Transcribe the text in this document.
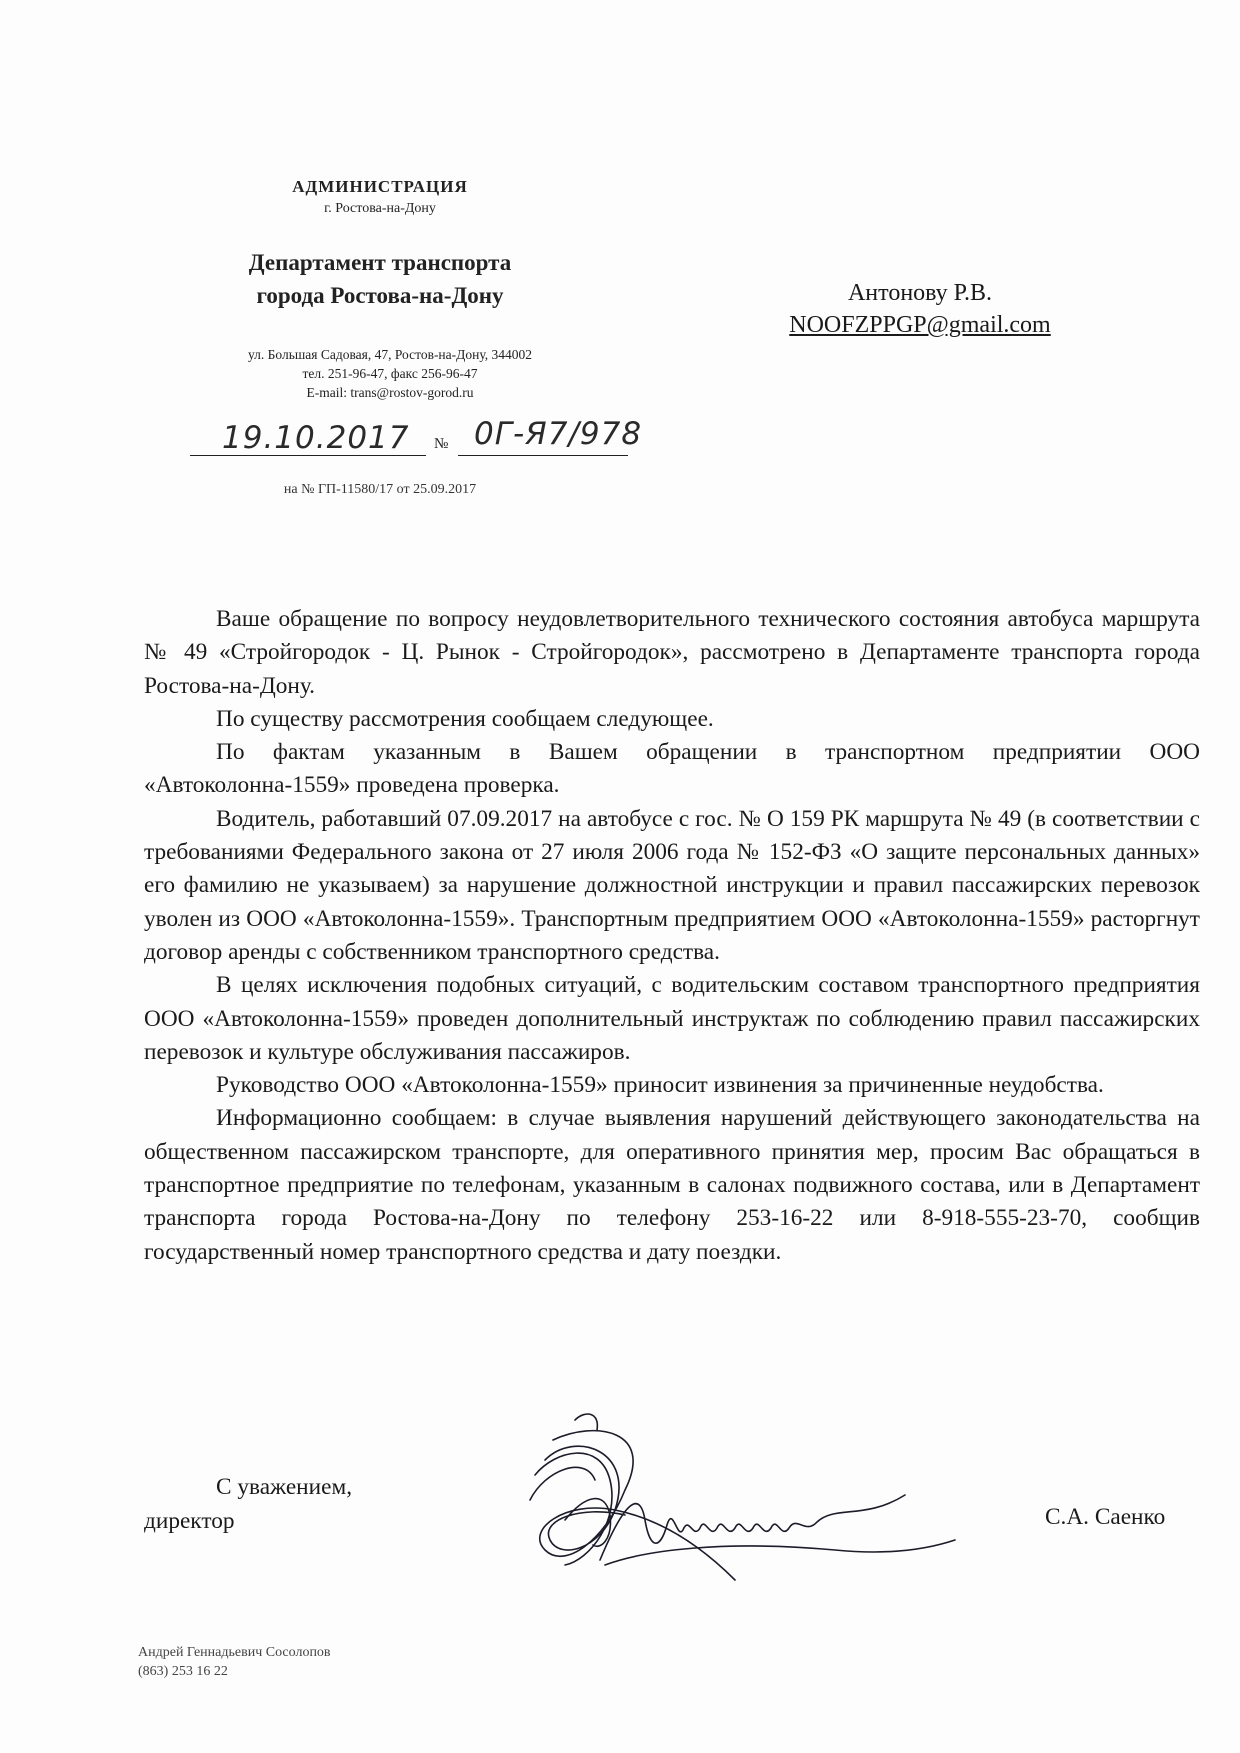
АДМИНИСТРАЦИЯ
г. Ростова-на-Дону
Департамент транспорта
города Ростова-на-Дону
ул. Большая Садовая, 47, Ростов-на-Дону, 344002
тел. 251-96-47, факс 256-96-47
E-mail: trans@rostov-gorod.ru
19.10.2017 № 0Г-Я7/978
на № ГП-11580/17 от 25.09.2017
Антонову Р.В.
NOOFZPPGP@gmail.com

Ваше обращение по вопросу неудовлетворительного технического состояния автобуса маршрута № 49 «Стройгородок - Ц. Рынок - Стройгородок», рассмотрено в Департаменте транспорта города Ростова-на-Дону.

По существу рассмотрения сообщаем следующее.

По фактам указанным в Вашем обращении в транспортном предприятии ООО «Автоколонна-1559» проведена проверка.

Водитель, работавший 07.09.2017 на автобусе с гос. № О 159 РК маршрута № 49 (в соответствии с требованиями Федерального закона от 27 июля 2006 года № 152-ФЗ «О защите персональных данных» его фамилию не указываем) за нарушение должностной инструкции и правил пассажирских перевозок уволен из ООО «Автоколонна-1559». Транспортным предприятием ООО «Автоколонна-1559» расторгнут договор аренды с собственником транспортного средства.

В целях исключения подобных ситуаций, с водительским составом транспортного предприятия ООО «Автоколонна-1559» проведен дополнительный инструктаж по соблюдению правил пассажирских перевозок и культуре обслуживания пассажиров.

Руководство ООО «Автоколонна-1559» приносит извинения за причиненные неудобства.

Информационно сообщаем: в случае выявления нарушений действующего законодательства на общественном пассажирском транспорте, для оперативного принятия мер, просим Вас обращаться в транспортное предприятие по телефонам, указанным в салонах подвижного состава, или в Департамент транспорта города Ростова-на-Дону по телефону 253-16-22 или 8-918-555-23-70, сообщив государственный номер транспортного средства и дату поездки.

С уважением,
директор	С.А. Саенко
Андрей Геннадьевич Сосолопов
(863) 253 16 22
